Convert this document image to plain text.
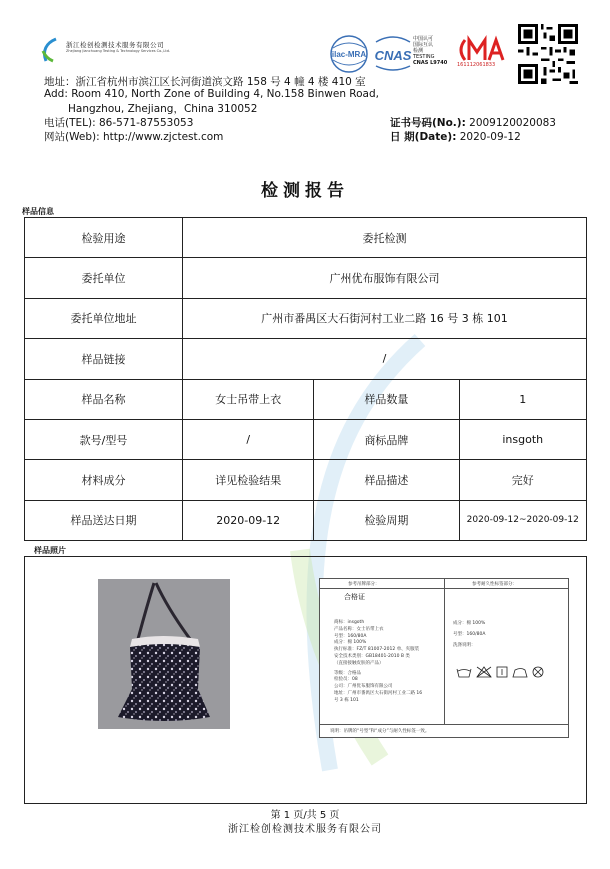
浙江检创检测技术服务有限公司
Zhejiang Jianchuang Testing & Technology Services Co.,Ltd.	ilac-MRA CNAS
中国认可
国际互认
检测
TESTING
CNAS L9740 161112061833
地址：浙江省杭州市滨江区长河街道滨文路 158 号 4 幢 4 楼 410 室
Add: Room 410, North Zone of Building 4, No.158 Binwen Road,
Hangzhou, Zhejiang，China 310052
电话(TEL): 86-571-87553053
网站(Web): http://www.zjctest.com
证书号码(No.): 2009120020083
日 期(Date): 2020-09-12
检测报告
样品信息
检验用途	委托检测		
委托单位	广州优布服饰有限公司		
委托单位地址	广州市番禺区大石街河村工业二路 16 号 3 栋 101		
样品链接	/		
样品名称	女士吊带上衣	样品数量	1
款号/型号	/	商标品牌	insgoth
材料成分	详见检验结果	样品描述	完好
样品送达日期	2020-09-12	检验周期	2020-09-12~2020-09-12
样品照片
参考吊牌部分：	参考耐久性标签部分：
合格证
商标：insgoth
产品名称：女士吊带上衣
号型：160/80A
成分：棉 100%
执行标准：FZ/T 81007-2012 单、夹服装
安全技术类别：GB18401-2010 B 类
（直接接触皮肤的产品）
等级：合格品
检验员：08
公司：广州优布服饰有限公司
地址：广州市番禺区大石街河村工业二路 16
号 3 栋 101
成分：棉 100%
号型：160/80A
洗涤说明：
说明：吊牌的“号型”和“成分”与耐久性标签一致。
第 1 页/共 5 页
浙江检创检测技术服务有限公司
